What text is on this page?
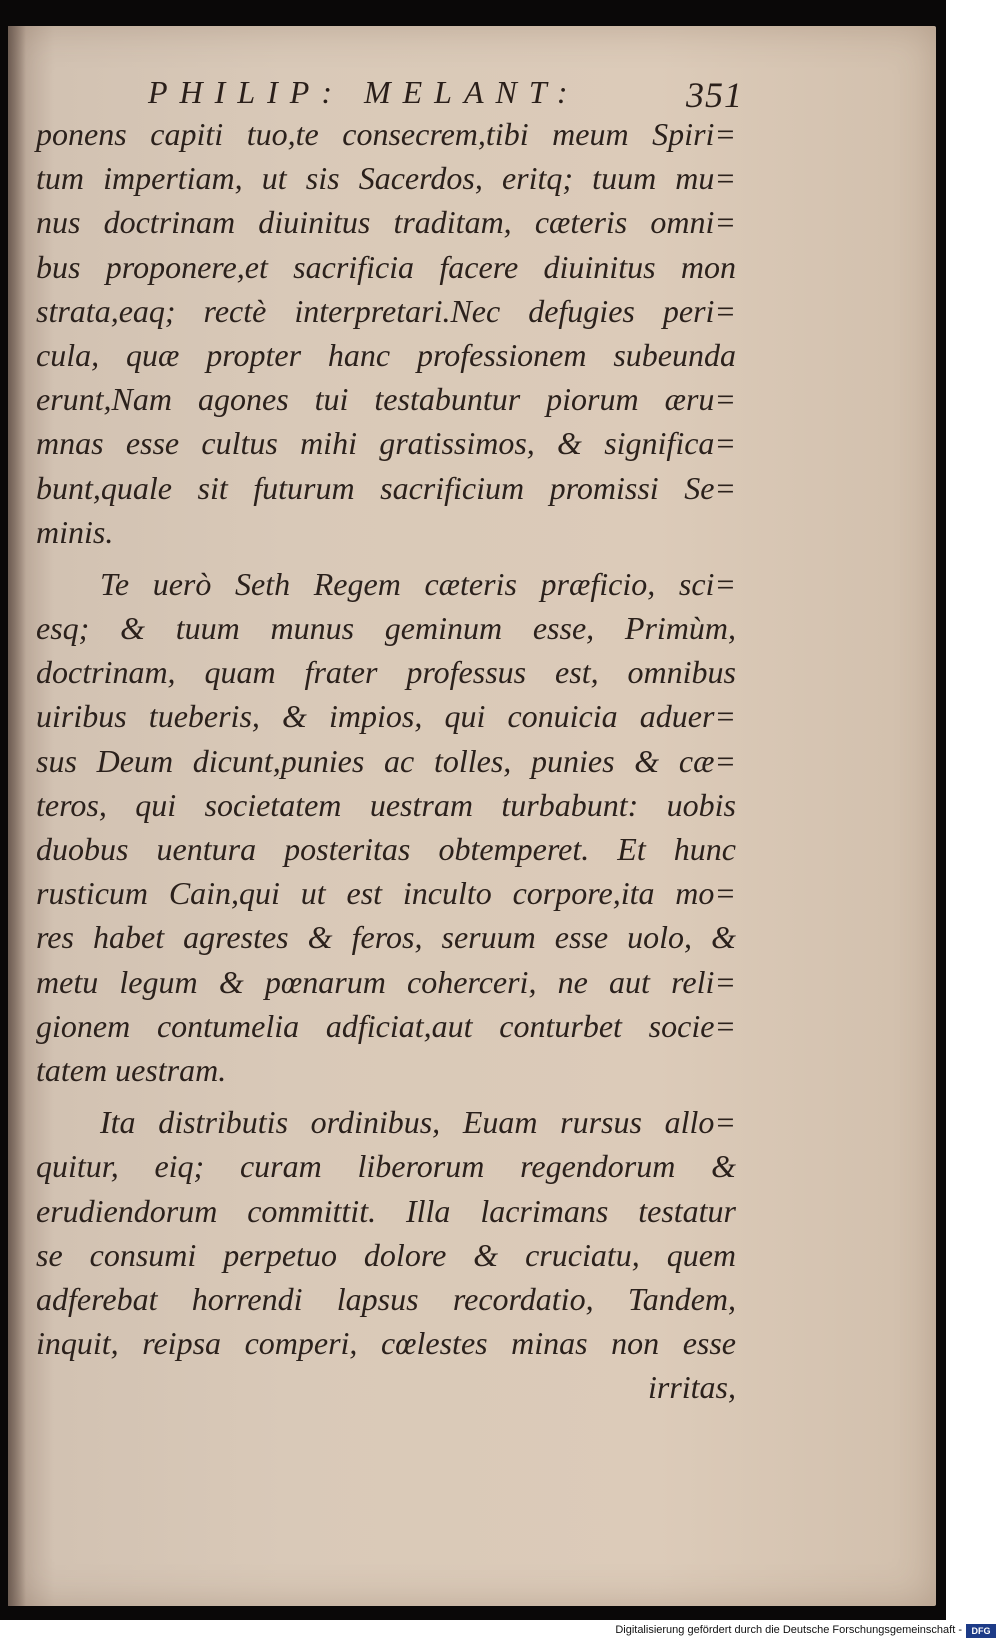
PHILIP: MELANT:	351
ponens capiti tuo,te consecrem,tibi meum Spiri=
tum impertiam, ut sis Sacerdos, eritq; tuum mu=
nus doctrinam diuinitus traditam, cæteris omni=
bus proponere,et sacrificia facere diuinitus mon
strata,eaq; rectè interpretari.Nec defugies peri=
cula, quæ propter hanc professionem subeunda
erunt,Nam agones tui testabuntur piorum æru=
mnas esse cultus mihi gratissimos, & significa=
bunt,quale sit futurum sacrificium promissi Se=
minis.
Te uerò Seth Regem cæteris præficio, sci=
esq; & tuum munus geminum esse, Primùm,
doctrinam, quam frater professus est, omnibus
uiribus tueberis, & impios, qui conuicia aduer=
sus Deum dicunt,punies ac tolles, punies & cæ=
teros, qui societatem uestram turbabunt: uobis
duobus uentura posteritas obtemperet. Et hunc
rusticum Cain,qui ut est inculto corpore,ita mo=
res habet agrestes & feros, seruum esse uolo, &
metu legum & pœnarum coherceri, ne aut reli=
gionem contumelia adficiat,aut conturbet socie=
tatem uestram.
Ita distributis ordinibus, Euam rursus allo=
quitur, eiq; curam liberorum regendorum &
erudiendorum committit. Illa lacrimans testatur
se consumi perpetuo dolore & cruciatu, quem
adferebat horrendi lapsus recordatio, Tandem,
inquit, reipsa comperi, cœlestes minas non esse
irritas,
Digitalisierung gefördert durch die Deutsche Forschungsgemeinschaft -	DFG
